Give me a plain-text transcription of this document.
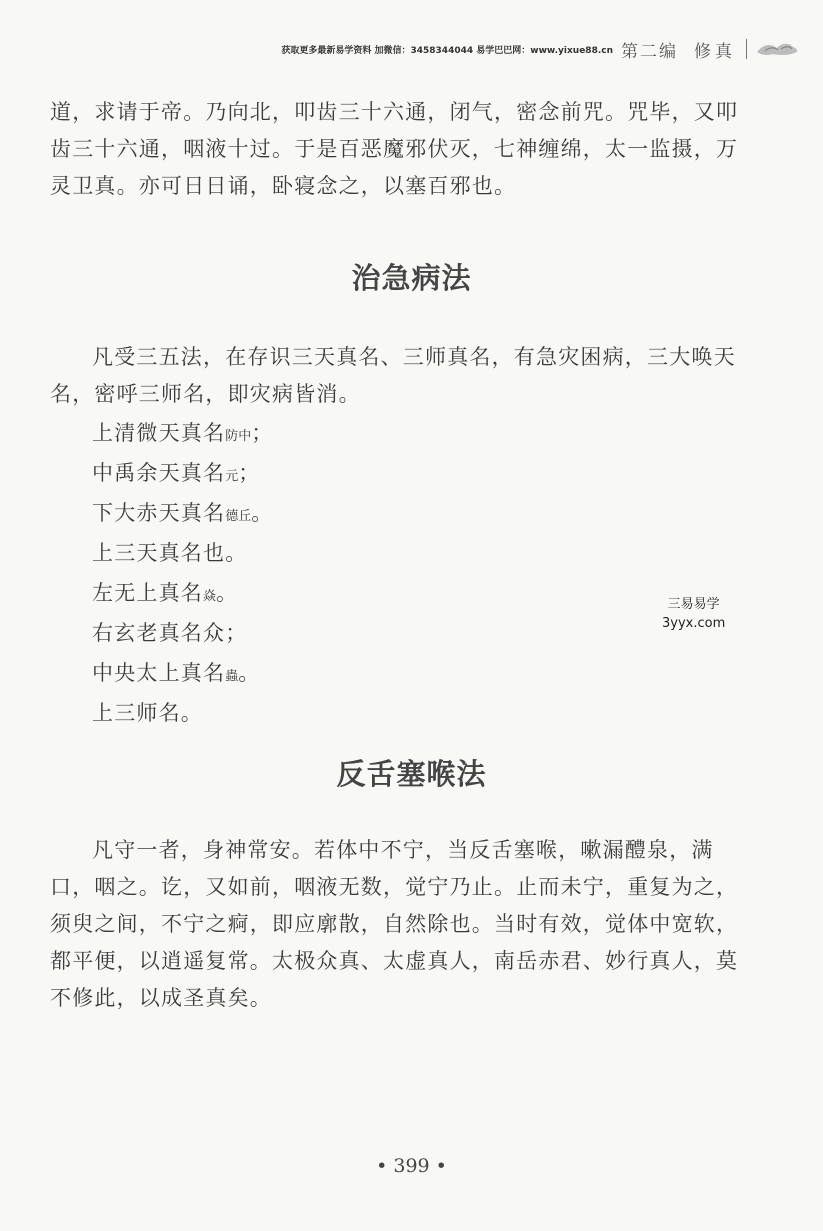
获取更多最新易学资料 加微信：3458344044 易学巴巴网：www.yixue88.cn 第二编 修真

道，求请于帝。乃向北，叩齿三十六通，闭气，密念前咒。咒毕，又叩齿三十六通，咽液十过。于是百恶魔邪伏灭，七神缠绵，太一监摄，万灵卫真。亦可日日诵，卧寝念之，以塞百邪也。

治急病法

凡受三五法，在存识三天真名、三师真名，有急灾困病，三大唤天名，密呼三师名，即灾病皆消。

上清微天真名防中；

中禹余天真名元；

下大赤天真名德丘。

上三天真名也。

左无上真名焱。

右玄老真名众；

中央太上真名蟲。

上三师名。

三易易学
3yyx.com
反舌塞喉法

凡守一者，身神常安。若体中不宁，当反舌塞喉，嗽漏醴泉，满口，咽之。讫，又如前，咽液无数，觉宁乃止。止而未宁，重复为之，须臾之间，不宁之痾，即应廓散，自然除也。当时有效，觉体中宽软，都平便，以逍遥复常。太极众真、太虚真人，南岳赤君、妙行真人，莫不修此，以成圣真矣。

• 399 •
